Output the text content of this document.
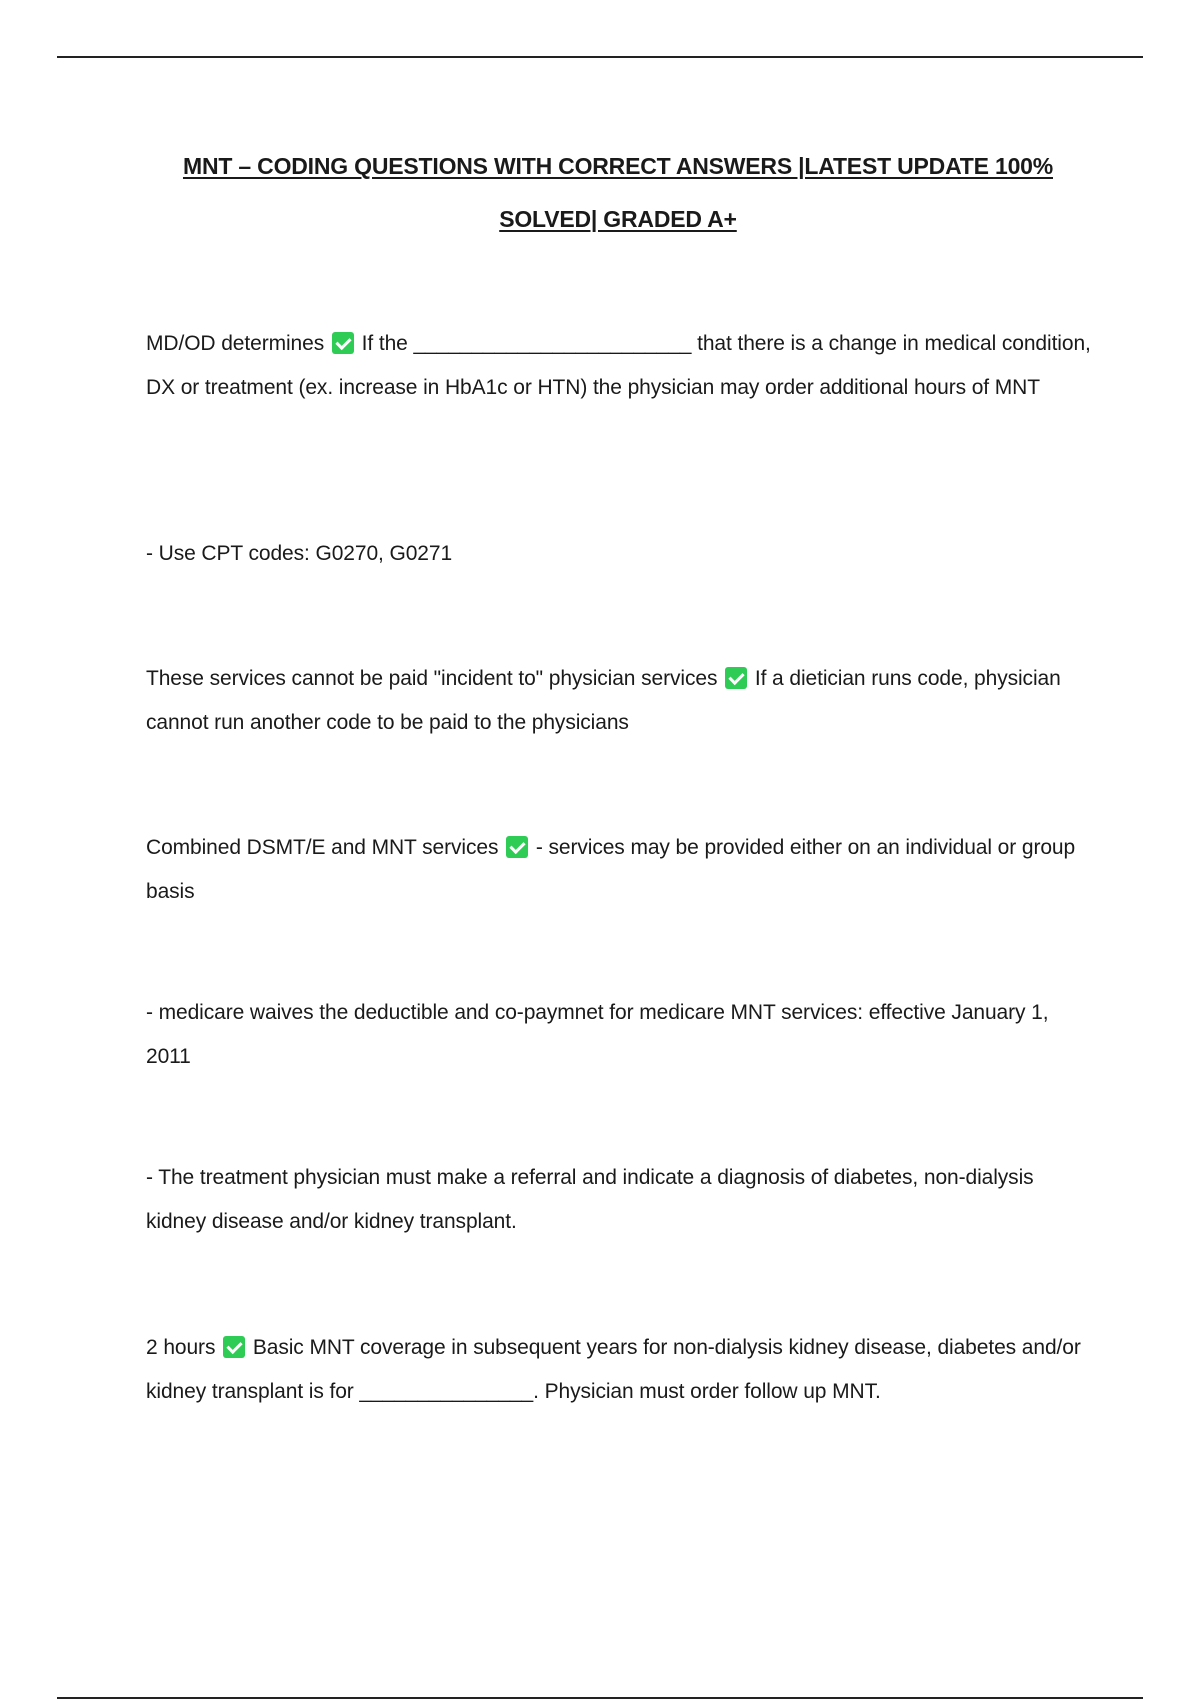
MNT – CODING QUESTIONS WITH CORRECT ANSWERS |LATEST UPDATE 100%
SOLVED| GRADED A+
MD/OD determines If the ________________________ that there is a change in medical condition, DX or treatment (ex. increase in HbA1c or HTN) the physician may order additional hours of MNT
- Use CPT codes: G0270, G0271
These services cannot be paid "incident to" physician services If a dietician runs code, physician cannot run another code to be paid to the physicians
Combined DSMT/E and MNT services - services may be provided either on an individual or group basis
- medicare waives the deductible and co-paymnet for medicare MNT services: effective January 1, 2011
- The treatment physician must make a referral and indicate a diagnosis of diabetes, non-dialysis kidney disease and/or kidney transplant.
2 hours Basic MNT coverage in subsequent years for non-dialysis kidney disease, diabetes and/or kidney transplant is for _______________. Physician must order follow up MNT.
